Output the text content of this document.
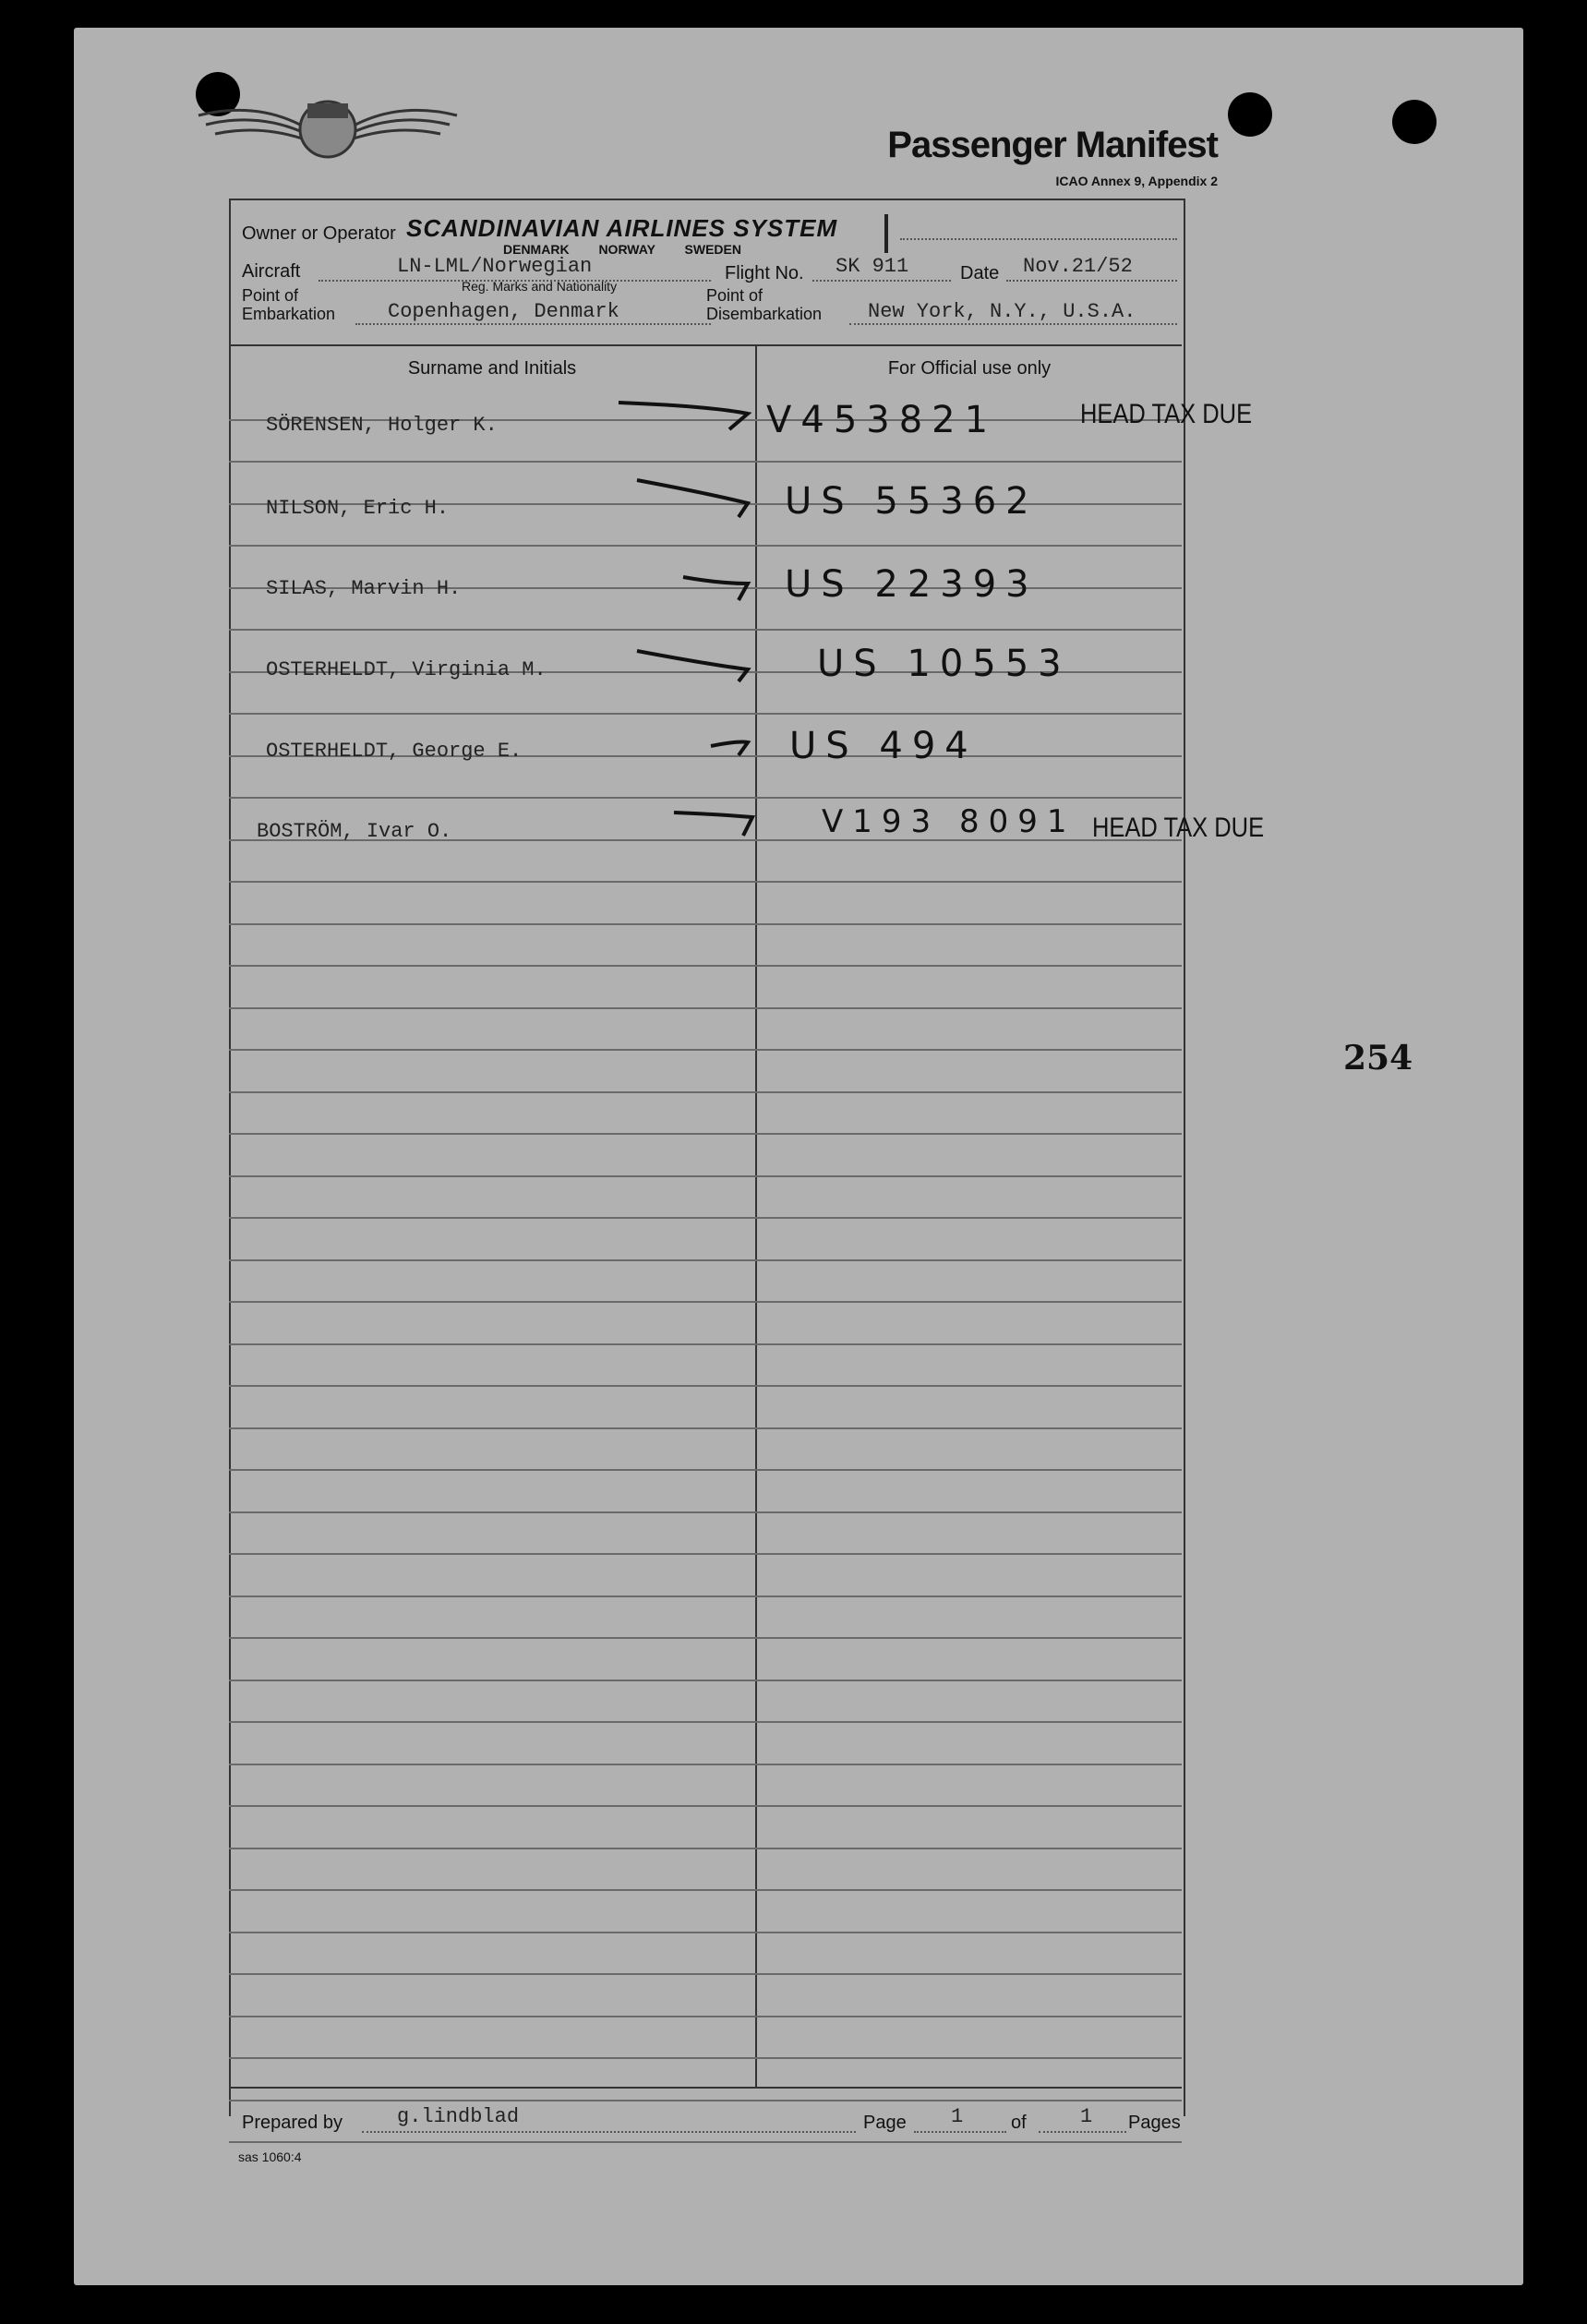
Passenger Manifest
ICAO Annex 9, Appendix 2
Owner or Operator SCANDINAVIAN AIRLINES SYSTEM
DENMARK NORWAY SWEDEN
Aircraft	LN-LML/Norwegian
Reg. Marks and Nationality
Flight No. SK 911	Date Nov.21/52
Point of
Embarkation	Copenhagen, Denmark
Point of
Disembarkation New York, N.Y., U.S.A.
Surname and Initials	For Official use only
SÖRENSEN, Holger K.	V453821	HEAD TAX DUE
NILSON, Eric H.	US 55362
SILAS, Marvin H.	US 22393
OSTERHELDT, Virginia M.	US 10553
OSTERHELDT, George E.	US 494
BOSTRÖM, Ivar O.	V193 8091 HEAD TAX DUE
254
Prepared by	g.lindblad	Page 1	of	1 Pages
sas 1060:4
